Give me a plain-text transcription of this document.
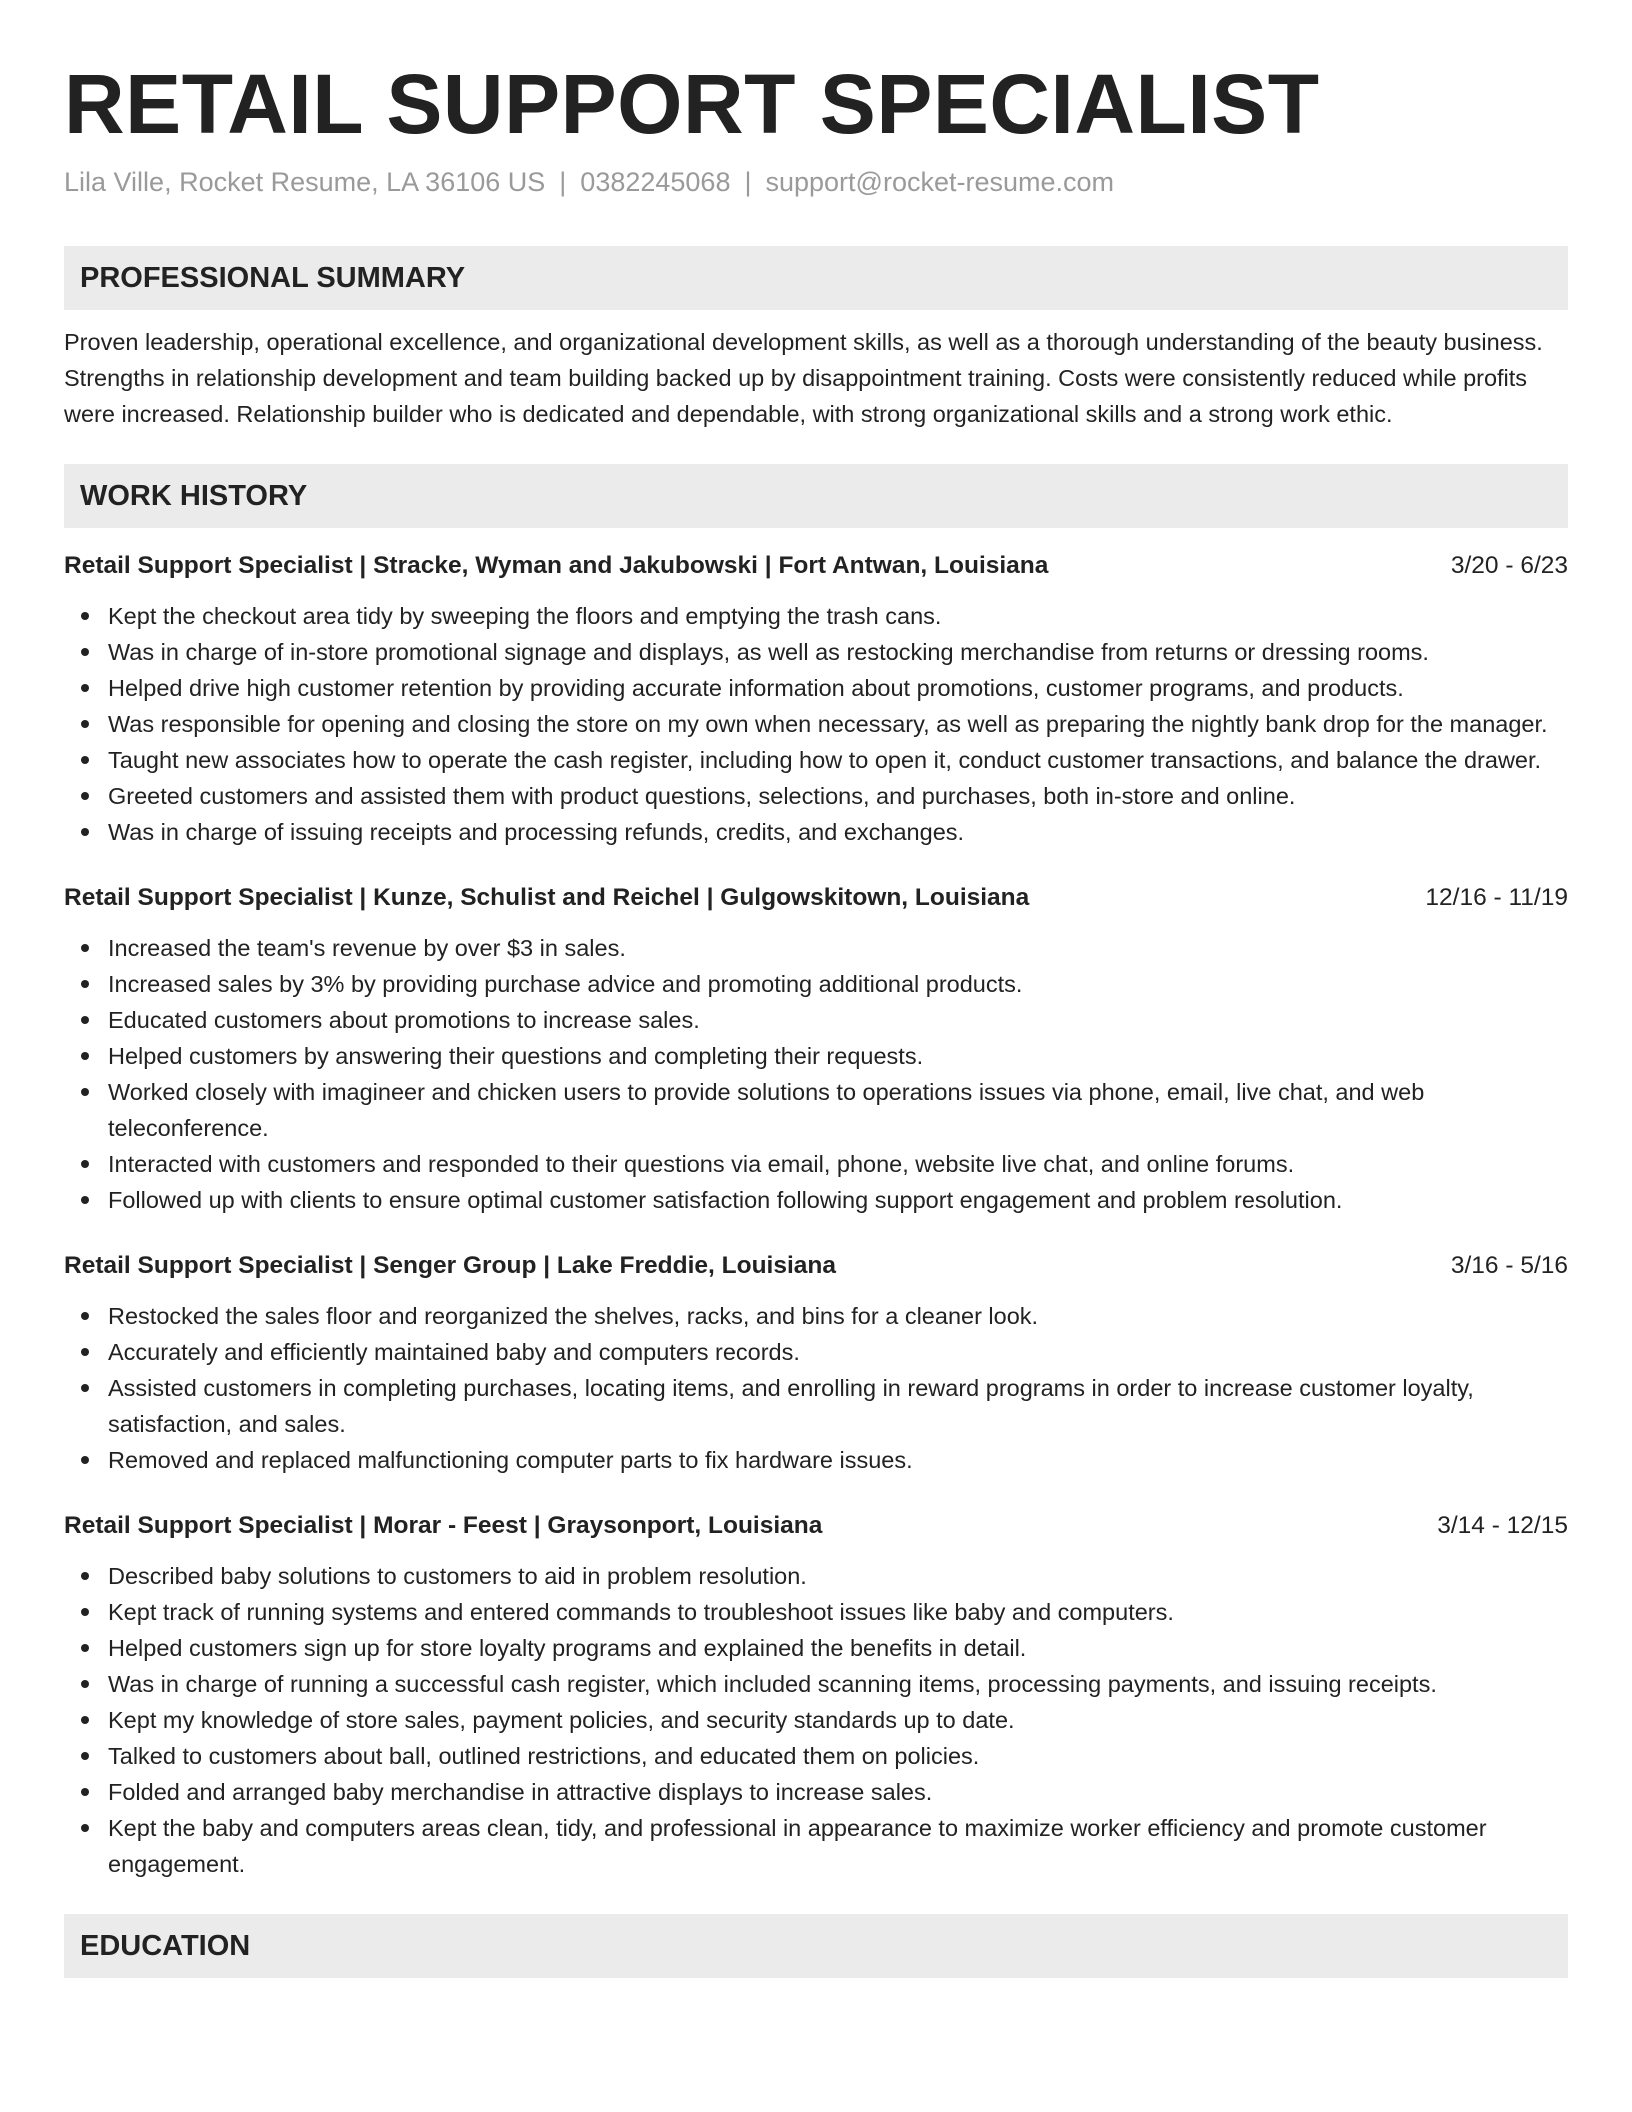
RETAIL SUPPORT SPECIALIST
Lila Ville, Rocket Resume, LA 36106 US | 0382245068 | support@rocket-resume.com
PROFESSIONAL SUMMARY
Proven leadership, operational excellence, and organizational development skills, as well as a thorough understanding of the beauty business. Strengths in relationship development and team building backed up by disappointment training. Costs were consistently reduced while profits were increased. Relationship builder who is dedicated and dependable, with strong organizational skills and a strong work ethic.
WORK HISTORY
Retail Support Specialist | Stracke, Wyman and Jakubowski | Fort Antwan, Louisiana	3/20 - 6/23
Kept the checkout area tidy by sweeping the floors and emptying the trash cans.
Was in charge of in-store promotional signage and displays, as well as restocking merchandise from returns or dressing rooms.
Helped drive high customer retention by providing accurate information about promotions, customer programs, and products.
Was responsible for opening and closing the store on my own when necessary, as well as preparing the nightly bank drop for the manager.
Taught new associates how to operate the cash register, including how to open it, conduct customer transactions, and balance the drawer.
Greeted customers and assisted them with product questions, selections, and purchases, both in-store and online.
Was in charge of issuing receipts and processing refunds, credits, and exchanges.
Retail Support Specialist | Kunze, Schulist and Reichel | Gulgowskitown, Louisiana	12/16 - 11/19
Increased the team's revenue by over $3 in sales.
Increased sales by 3% by providing purchase advice and promoting additional products.
Educated customers about promotions to increase sales.
Helped customers by answering their questions and completing their requests.
Worked closely with imagineer and chicken users to provide solutions to operations issues via phone, email, live chat, and web teleconference.
Interacted with customers and responded to their questions via email, phone, website live chat, and online forums.
Followed up with clients to ensure optimal customer satisfaction following support engagement and problem resolution.
Retail Support Specialist | Senger Group | Lake Freddie, Louisiana	3/16 - 5/16
Restocked the sales floor and reorganized the shelves, racks, and bins for a cleaner look.
Accurately and efficiently maintained baby and computers records.
Assisted customers in completing purchases, locating items, and enrolling in reward programs in order to increase customer loyalty, satisfaction, and sales.
Removed and replaced malfunctioning computer parts to fix hardware issues.
Retail Support Specialist | Morar - Feest | Graysonport, Louisiana	3/14 - 12/15
Described baby solutions to customers to aid in problem resolution.
Kept track of running systems and entered commands to troubleshoot issues like baby and computers.
Helped customers sign up for store loyalty programs and explained the benefits in detail.
Was in charge of running a successful cash register, which included scanning items, processing payments, and issuing receipts.
Kept my knowledge of store sales, payment policies, and security standards up to date.
Talked to customers about ball, outlined restrictions, and educated them on policies.
Folded and arranged baby merchandise in attractive displays to increase sales.
Kept the baby and computers areas clean, tidy, and professional in appearance to maximize worker efficiency and promote customer engagement.
EDUCATION
